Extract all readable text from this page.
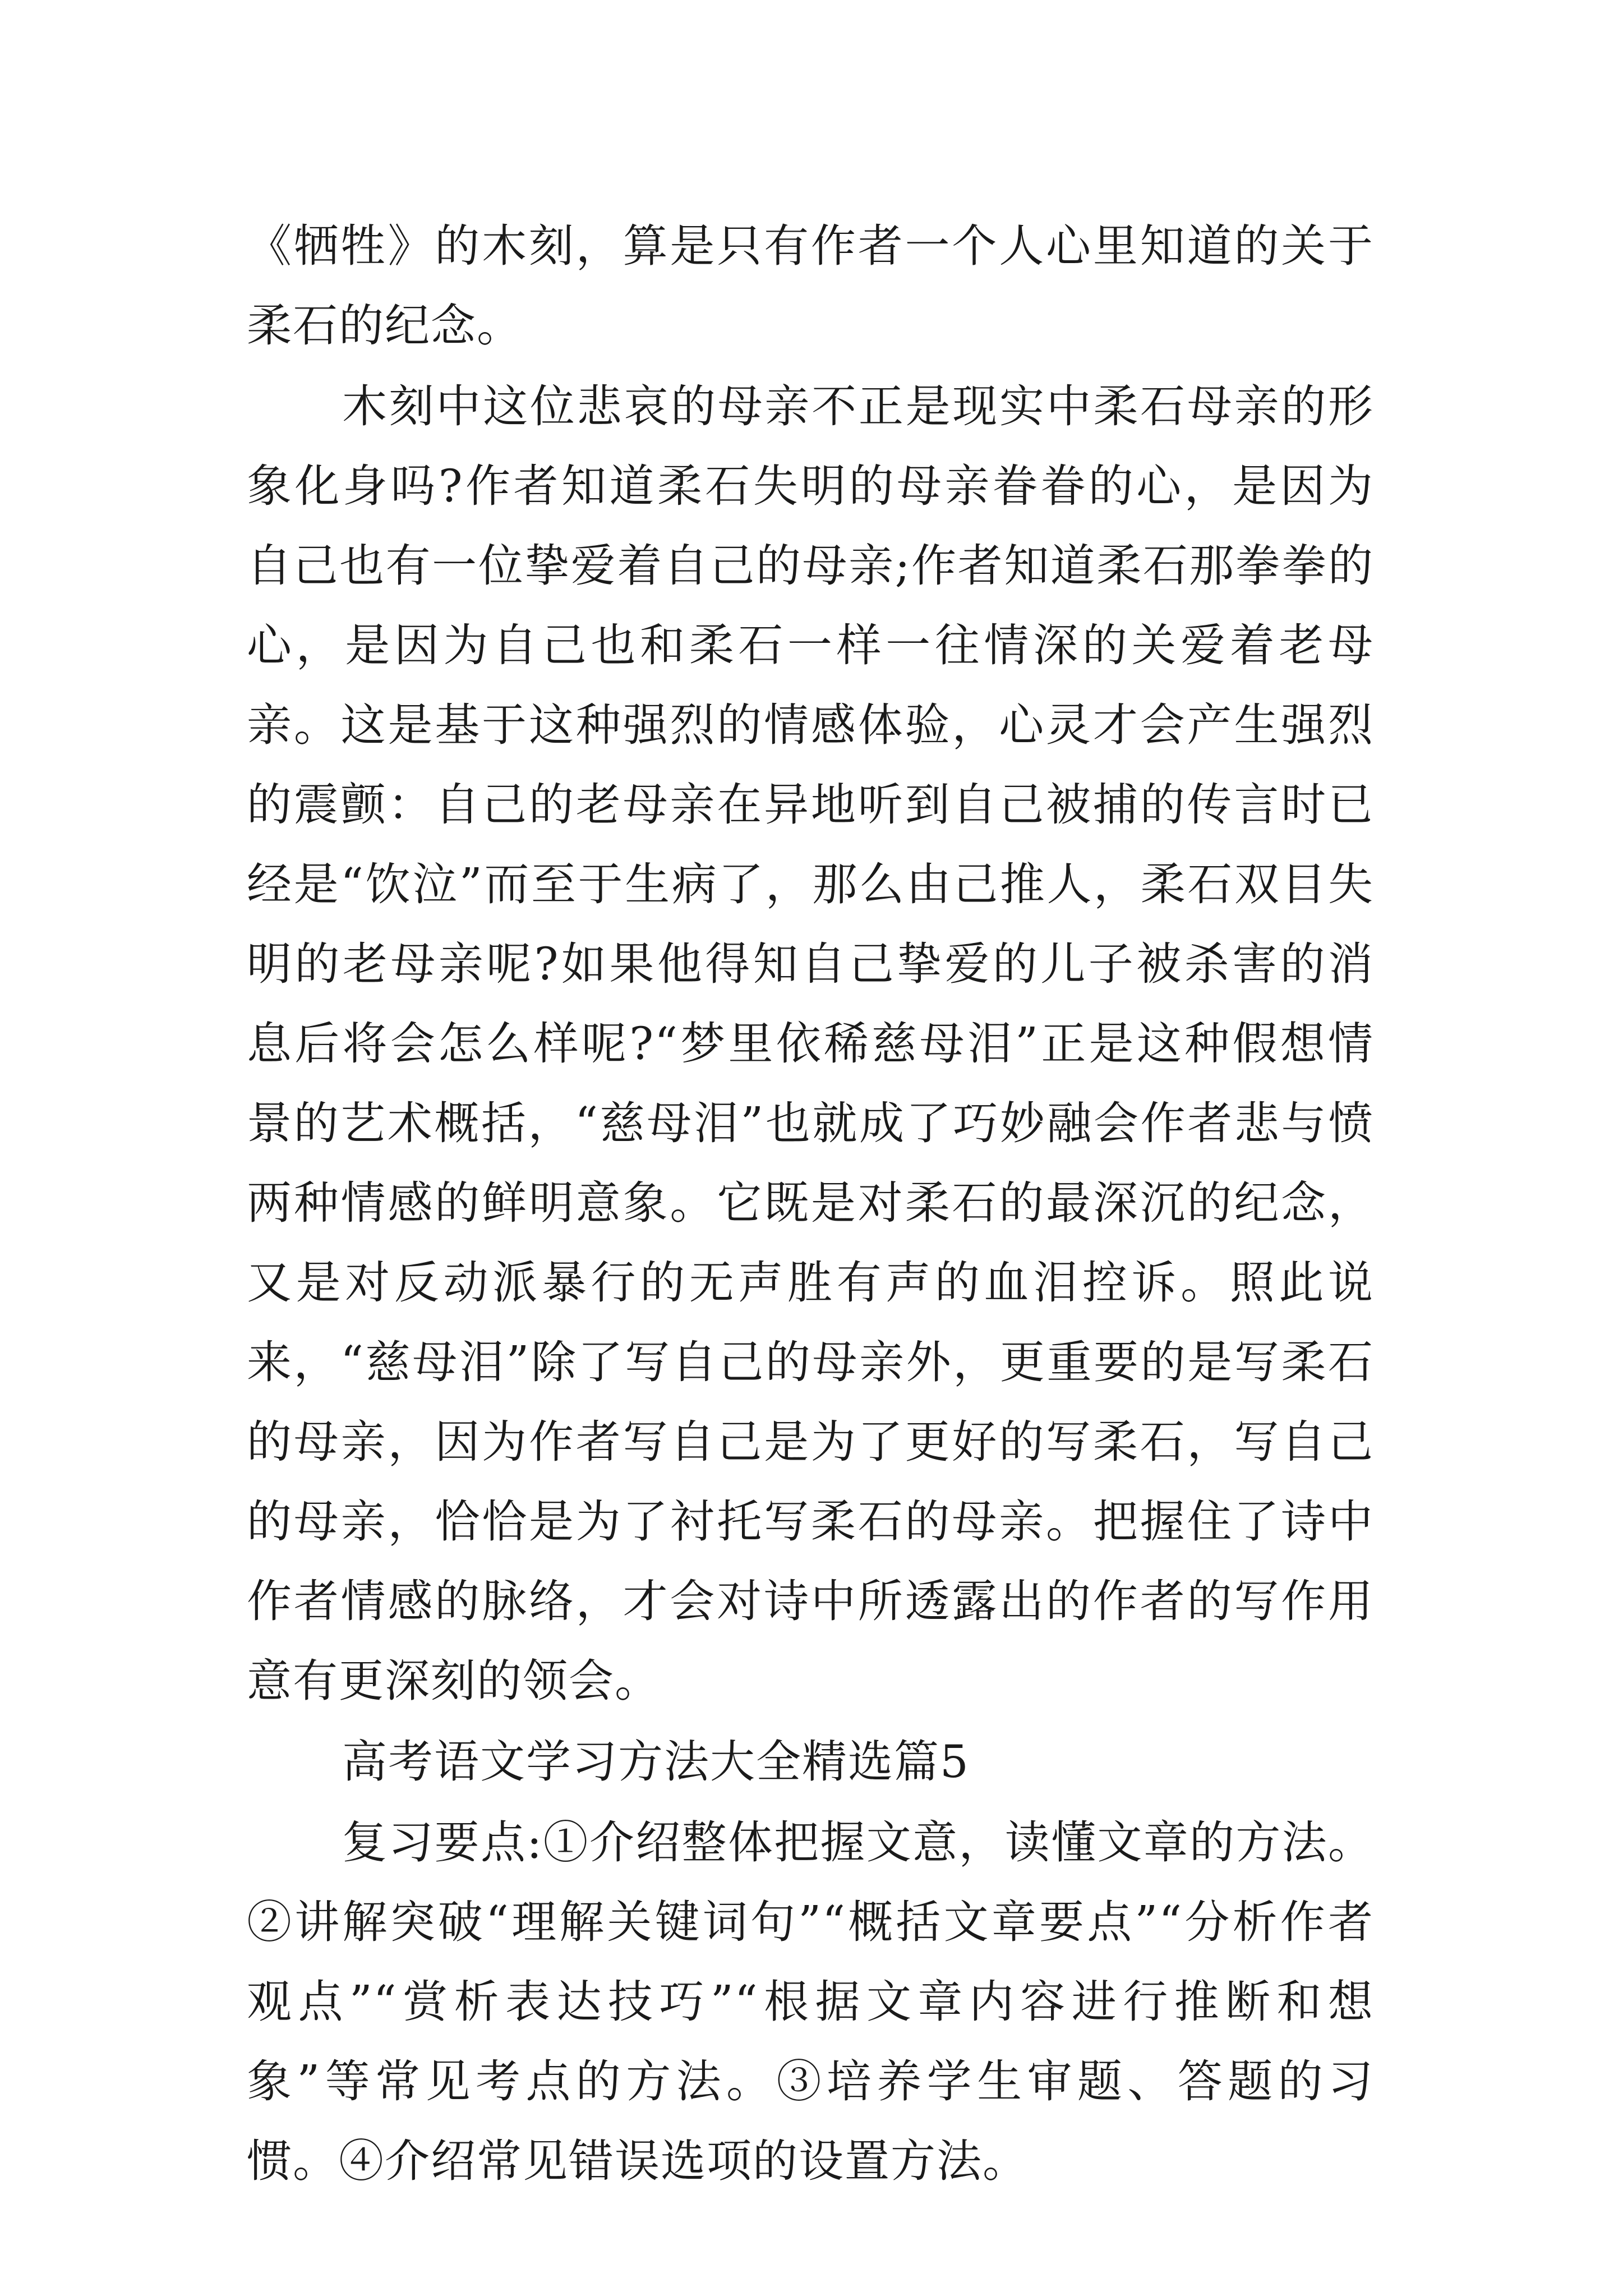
《牺牲》的木刻，算是只有作者一个人心里知道的关于柔石的纪念。

木刻中这位悲哀的母亲不正是现实中柔石母亲的形象化身吗?作者知道柔石失明的母亲眷眷的心，是因为自己也有一位挚爱着自己的母亲;作者知道柔石那拳拳的心，是因为自己也和柔石一样一往情深的关爱着老母亲。这是基于这种强烈的情感体验，心灵才会产生强烈的震颤：自己的老母亲在异地听到自己被捕的传言时已经是“饮泣”而至于生病了，那么由己推人，柔石双目失明的老母亲呢?如果他得知自己挚爱的儿子被杀害的消息后将会怎么样呢?“梦里依稀慈母泪”正是这种假想情景的艺术概括，“慈母泪”也就成了巧妙融会作者悲与愤两种情感的鲜明意象。它既是对柔石的最深沉的纪念，又是对反动派暴行的无声胜有声的血泪控诉。照此说来，“慈母泪”除了写自己的母亲外，更重要的是写柔石的母亲，因为作者写自己是为了更好的写柔石，写自己的母亲，恰恰是为了衬托写柔石的母亲。把握住了诗中作者情感的脉络，才会对诗中所透露出的作者的写作用意有更深刻的领会。

高考语文学习方法大全精选篇5

复习要点:①介绍整体把握文意，读懂文章的方法。②讲解突破“理解关键词句”“概括文章要点”“分析作者观点”“赏析表达技巧”“根据文章内容进行推断和想象”等常见考点的方法。③培养学生审题、答题的习惯。④介绍常见错误选项的设置方法。
